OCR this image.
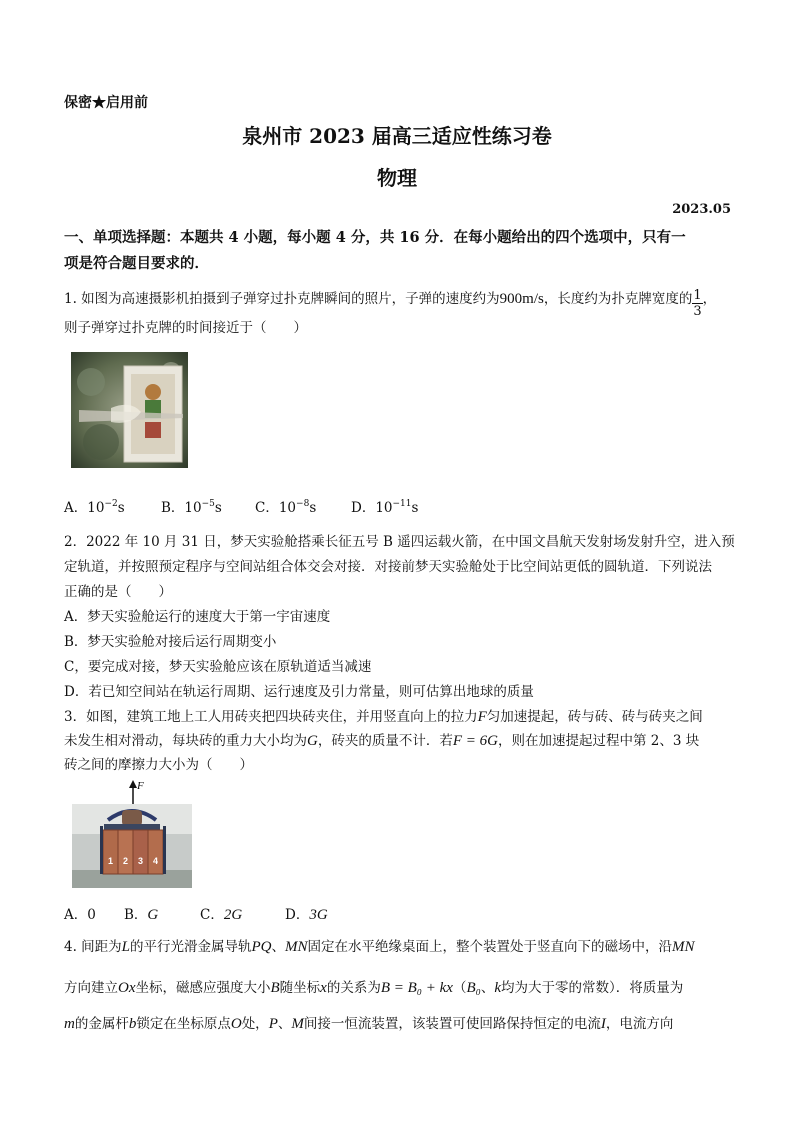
保密★启用前
泉州市 2023 届高三适应性练习卷
物理
2023.05
一、单项选择题：本题共 4 小题，每小题 4 分，共 16 分．在每小题给出的四个选项中，只有一
项是符合题目要求的．
1. 如图为高速摄影机拍摄到子弹穿过扑克牌瞬间的照片，子弹的速度约为900m/s，长度约为扑克牌宽度的 $\frac{1}{3}$ ，
则子弹穿过扑克牌的时间接近于（　　）
A．$10^{-2}s$	B．$10^{-5}s$ C．$10^{-8}s$	D．$10^{-11}s$
2．2022 年 10 月 31 日，梦天实验舱搭乘长征五号 B 遥四运载火箭，在中国文昌航天发射场发射升空，进入预
定轨道，并按照预定程序与空间站组合体交会对接．对接前梦天实验舱处于比空间站更低的圆轨道．下列说法
正确的是（　　）
A．梦天实验舱运行的速度大于第一宇宙速度
B．梦天实验舱对接后运行周期变小
C，要完成对接，梦天实验舱应该在原轨道适当减速
D．若已知空间站在轨运行周期、运行速度及引力常量，则可估算出地球的质量
3．如图，建筑工地上工人用砖夹把四块砖夹住，并用竖直向上的拉力F匀加速提起，砖与砖、砖与砖夹之间
未发生相对滑动，每块砖的重力大小均为G，砖夹的质量不计．若F = 6G，则在加速提起过程中第 2、3 块
砖之间的摩擦力大小为（　　）
F
1 2 3 4
A．0 B．G	C．2G	D．3G
4. 间距为L的平行光滑金属导轨PQ、MN固定在水平绝缘桌面上，整个装置处于竖直向下的磁场中，沿MN
方向建立Ox坐标，磁感应强度大小B随坐标x的关系为B = B₀ + kx（B₀、k均为大于零的常数）．将质量为
m的金属杆b锁定在坐标原点O处，P、M间接一恒流装置，该装置可使回路保持恒定的电流I，电流方向
